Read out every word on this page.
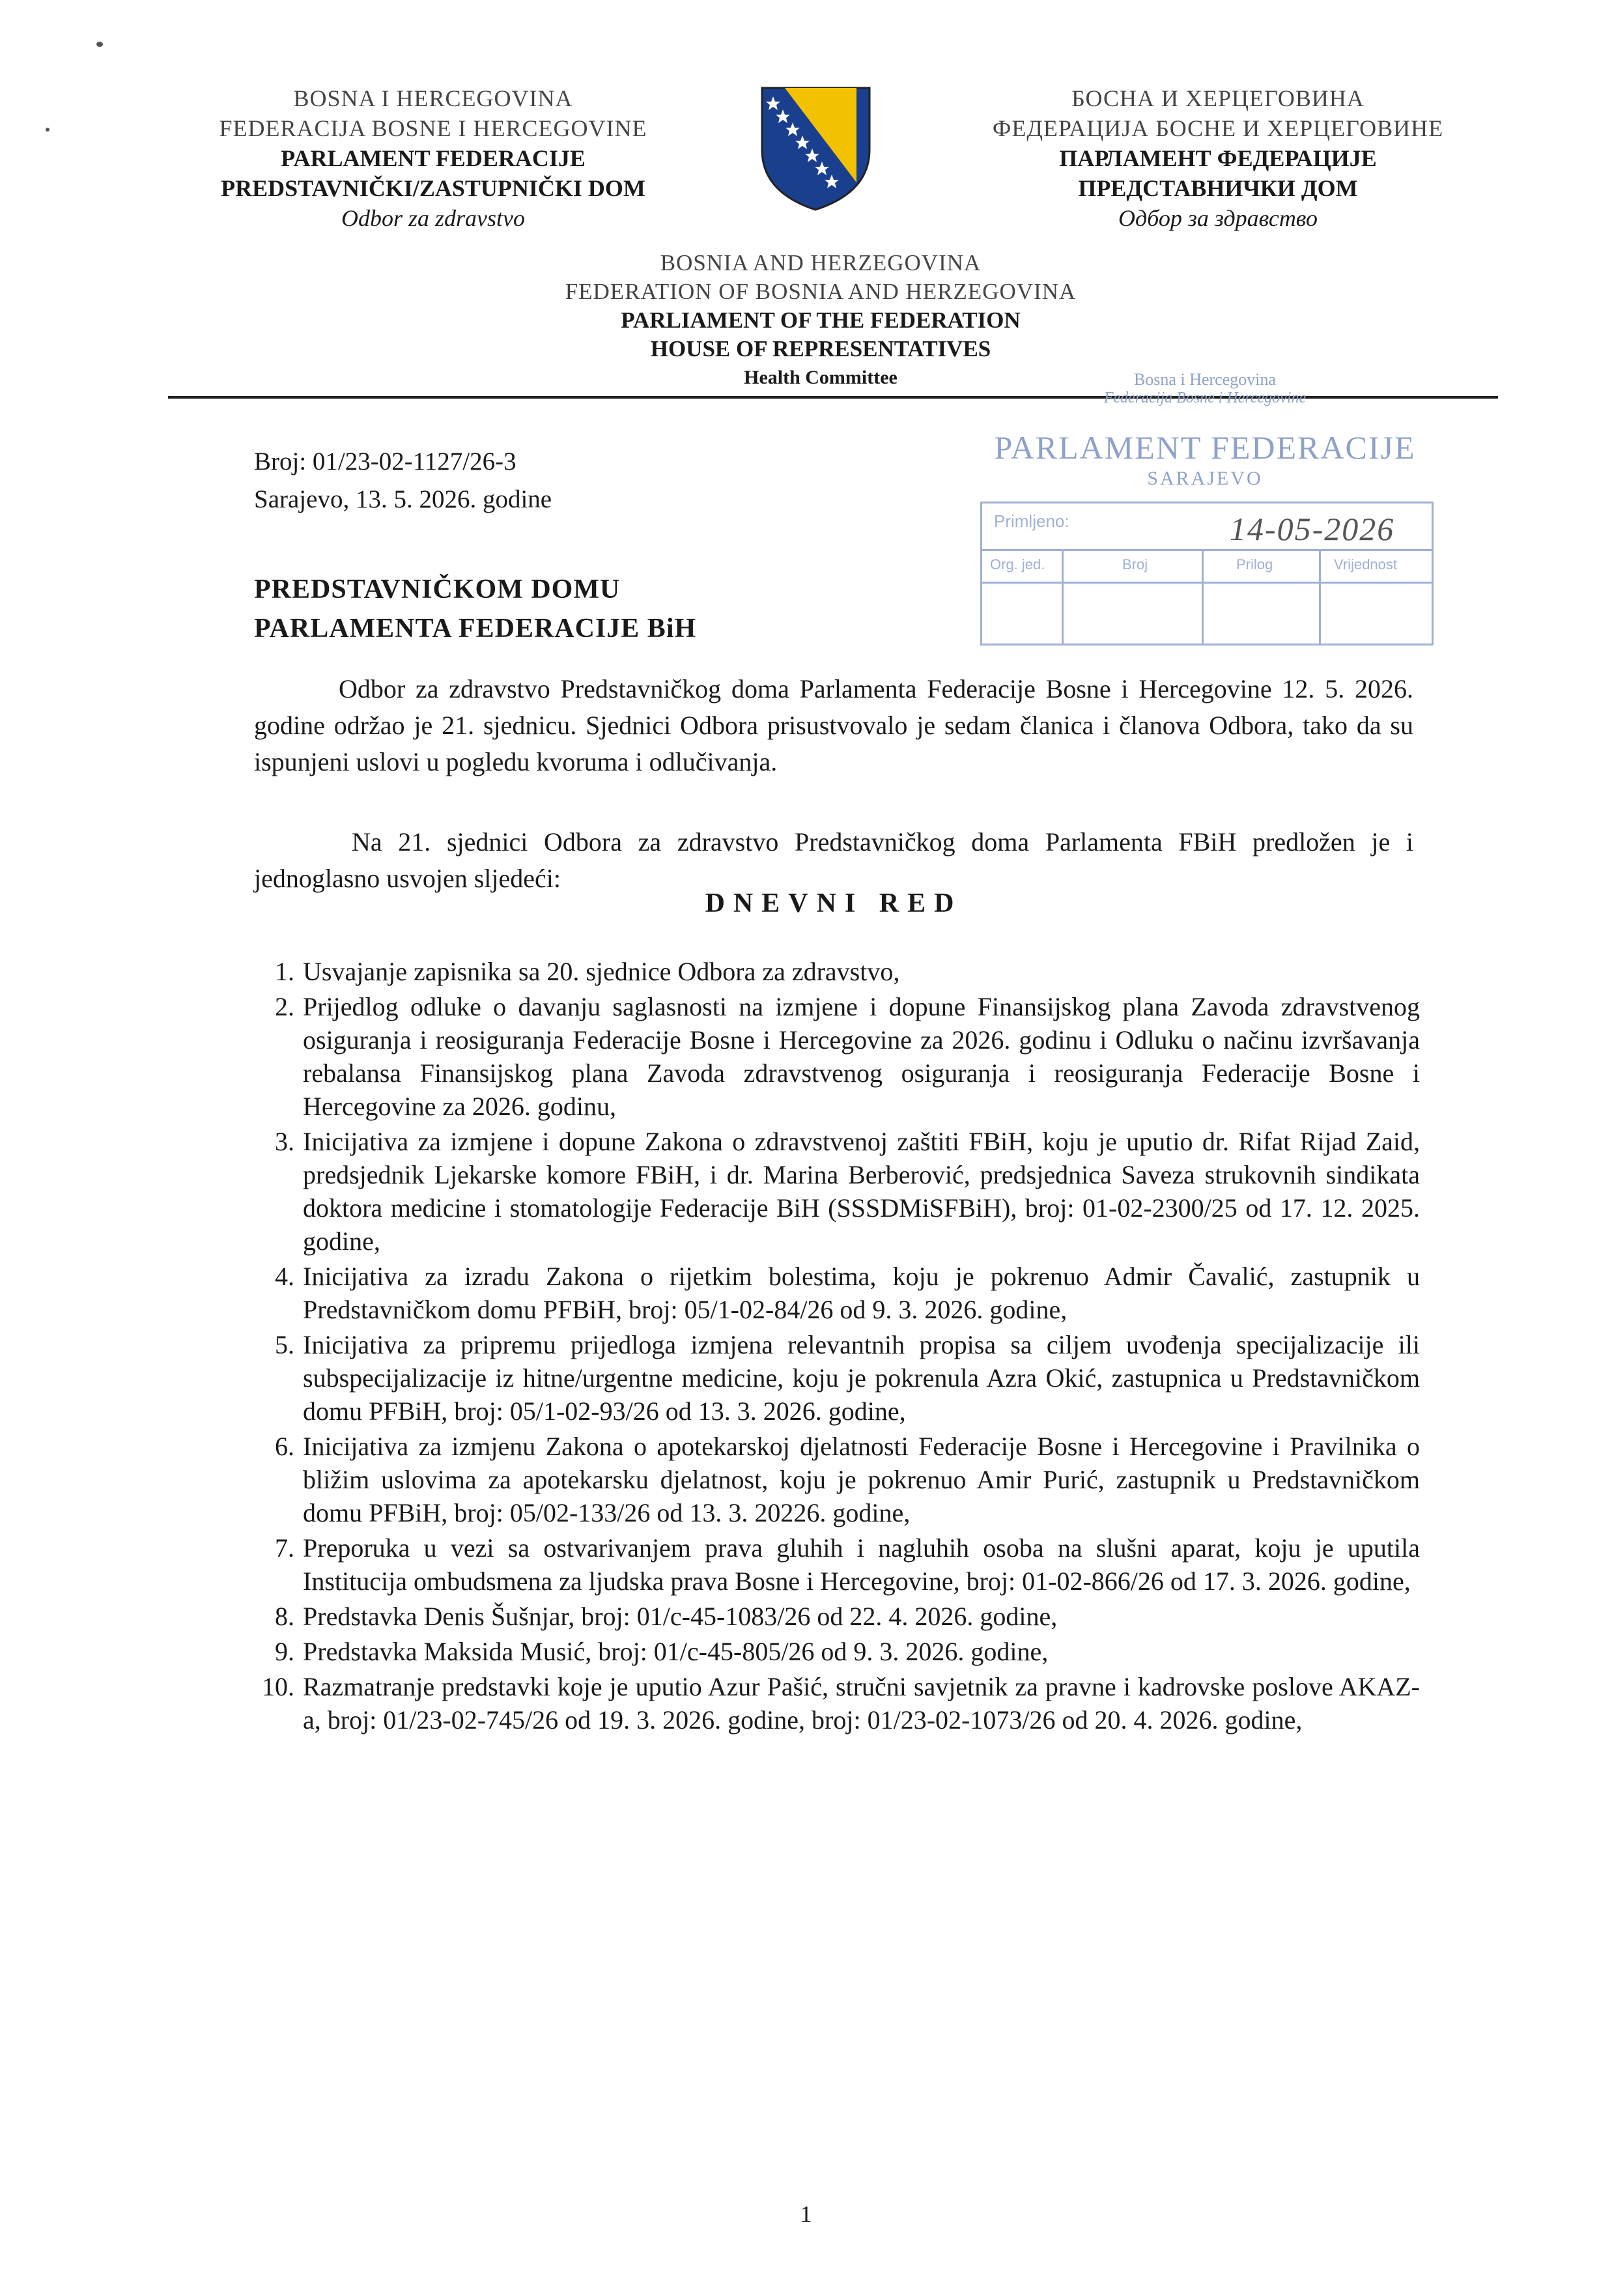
BOSNA I HERCEGOVINA
FEDERACIJA BOSNE I HERCEGOVINE
PARLAMENT FEDERACIJE
PREDSTAVNIČKI/ZASTUPNIČKI DOM
Odbor za zdravstvo
БОСНА И ХЕРЦЕГОВИНА
ФЕДЕРАЦИЈА БОСНЕ И ХЕРЦЕГОВИНЕ
ПАРЛАМЕНТ ФЕДЕРАЦИЈЕ
ПРЕДСТАВНИЧКИ ДОМ
Одбор за здравство
BOSNIA AND HERZEGOVINA
FEDERATION OF BOSNIA AND HERZEGOVINA
PARLIAMENT OF THE FEDERATION
HOUSE OF REPRESENTATIVES
Health Committee	Bosna i Hercegovina
Federacija Bosne i Hercegovine
PARLAMENT FEDERACIJE
SARAJEVO
Primljeno:	14-05-2026
Org. jed.	Broj	Prilog	Vrijednost
Broj: 01/23-02-1127/26-3
Sarajevo, 13. 5. 2026. godine
PREDSTAVNIČKOM DOMU
PARLAMENTA FEDERACIJE BiH
Odbor za zdravstvo Predstavničkog doma Parlamenta Federacije Bosne i Hercegovine 12. 5. 2026. godine održao je 21. sjednicu. Sjednici Odbora prisustvovalo je sedam članica i članova Odbora, tako da su ispunjeni uslovi u pogledu kvoruma i odlučivanja.
Na 21. sjednici Odbora za zdravstvo Predstavničkog doma Parlamenta FBiH predložen je i jednoglasno usvojen sljedeći:
DNEVNI RED
1. Usvajanje zapisnika sa 20. sjednice Odbora za zdravstvo,
2. Prijedlog odluke o davanju saglasnosti na izmjene i dopune Finansijskog plana Zavoda zdravstvenog osiguranja i reosiguranja Federacije Bosne i Hercegovine za 2026. godinu i Odluku o načinu izvršavanja rebalansa Finansijskog plana Zavoda zdravstvenog osiguranja i reosiguranja Federacije Bosne i Hercegovine za 2026. godinu,
3. Inicijativa za izmjene i dopune Zakona o zdravstvenoj zaštiti FBiH, koju je uputio dr. Rifat Rijad Zaid, predsjednik Ljekarske komore FBiH, i dr. Marina Berberović, predsjednica Saveza strukovnih sindikata doktora medicine i stomatologije Federacije BiH (SSSDMiSFBiH), broj: 01-02-2300/25 od 17. 12. 2025. godine,
4. Inicijativa za izradu Zakona o rijetkim bolestima, koju je pokrenuo Admir Čavalić, zastupnik u Predstavničkom domu PFBiH, broj: 05/1-02-84/26 od 9. 3. 2026. godine,
5. Inicijativa za pripremu prijedloga izmjena relevantnih propisa sa ciljem uvođenja specijalizacije ili subspecijalizacije iz hitne/urgentne medicine, koju je pokrenula Azra Okić, zastupnica u Predstavničkom domu PFBiH, broj: 05/1-02-93/26 od 13. 3. 2026. godine,
6. Inicijativa za izmjenu Zakona o apotekarskoj djelatnosti Federacije Bosne i Hercegovine i Pravilnika o bližim uslovima za apotekarsku djelatnost, koju je pokrenuo Amir Purić, zastupnik u Predstavničkom domu PFBiH, broj: 05/02-133/26 od 13. 3. 20226. godine,
7. Preporuka u vezi sa ostvarivanjem prava gluhih i nagluhih osoba na slušni aparat, koju je uputila Institucija ombudsmena za ljudska prava Bosne i Hercegovine, broj: 01-02-866/26 od 17. 3. 2026. godine,
8. Predstavka Denis Šušnjar, broj: 01/c-45-1083/26 od 22. 4. 2026. godine,
9. Predstavka Maksida Musić, broj: 01/c-45-805/26 od 9. 3. 2026. godine,
10. Razmatranje predstavki koje je uputio Azur Pašić, stručni savjetnik za pravne i kadrovske poslove AKAZ-a, broj: 01/23-02-745/26 od 19. 3. 2026. godine, broj: 01/23-02-1073/26 od 20. 4. 2026. godine,
1
